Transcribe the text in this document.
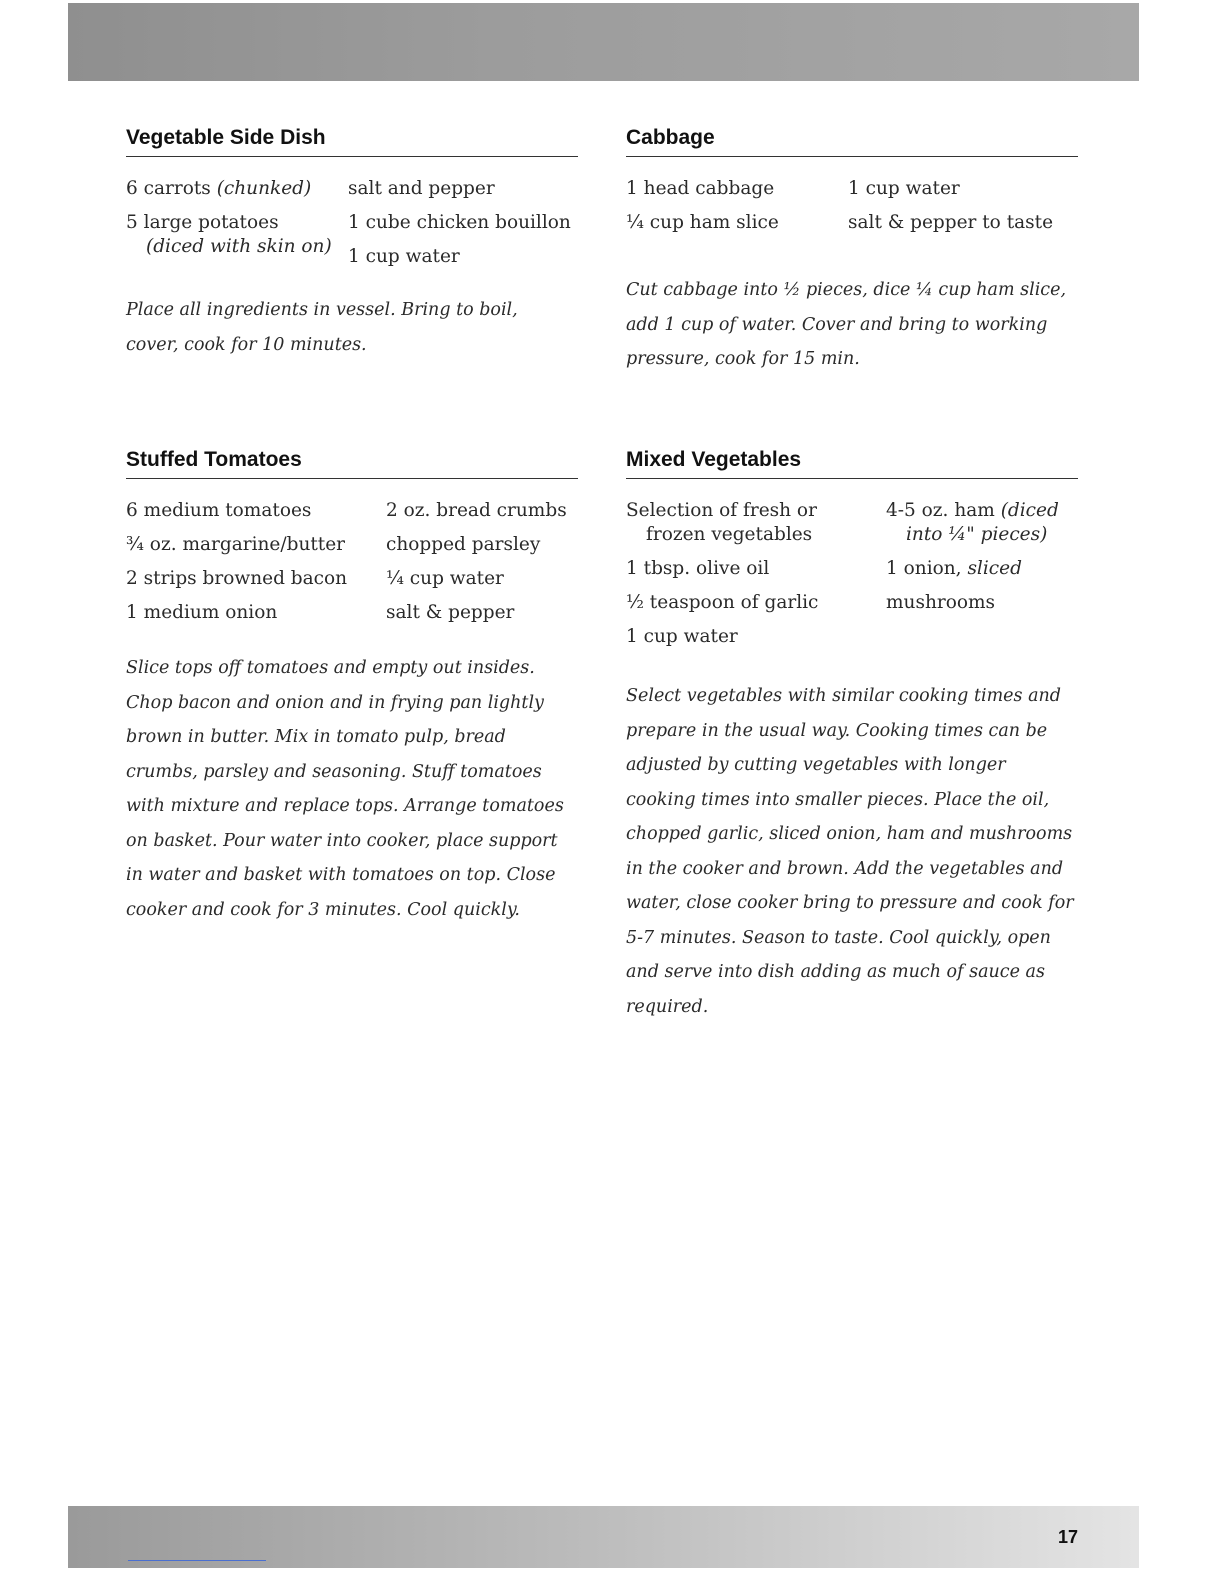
Vegetable Side Dish
6 carrots (chunked)
5 large potatoes
(diced with skin on)
salt and pepper
1 cube chicken bouillon
1 cup water

Place all ingredients in vessel. Bring to boil, cover, cook for 10 minutes.

Cabbage
1 head cabbage
¼ cup ham slice
1 cup water
salt & pepper to taste

Cut cabbage into ½ pieces, dice ¼ cup ham slice, add 1 cup of water. Cover and bring to working pressure, cook for 15 min.

Stuffed Tomatoes
6 medium tomatoes
¾ oz. margarine/butter
2 strips browned bacon
1 medium onion
2 oz. bread crumbs
chopped parsley
¼ cup water
salt & pepper

Slice tops off tomatoes and empty out insides. Chop bacon and onion and in frying pan lightly brown in butter. Mix in tomato pulp, bread crumbs, parsley and seasoning. Stuff tomatoes with mixture and replace tops. Arrange tomatoes on basket. Pour water into cooker, place support in water and basket with tomatoes on top. Close cooker and cook for 3 minutes. Cool quickly.

Mixed Vegetables
Selection of fresh or
frozen vegetables
1 tbsp. olive oil
½ teaspoon of garlic
1 cup water
4-5 oz. ham (diced
into ¼" pieces)
1 onion, sliced
mushrooms

Select vegetables with similar cooking times and prepare in the usual way. Cooking times can be adjusted by cutting vegetables with longer cooking times into smaller pieces. Place the oil, chopped garlic, sliced onion, ham and mushrooms in the cooker and brown. Add the vegetables and water, close cooker bring to pressure and cook for 5-7 minutes. Season to taste. Cool quickly, open and serve into dish adding as much of sauce as required.

17
